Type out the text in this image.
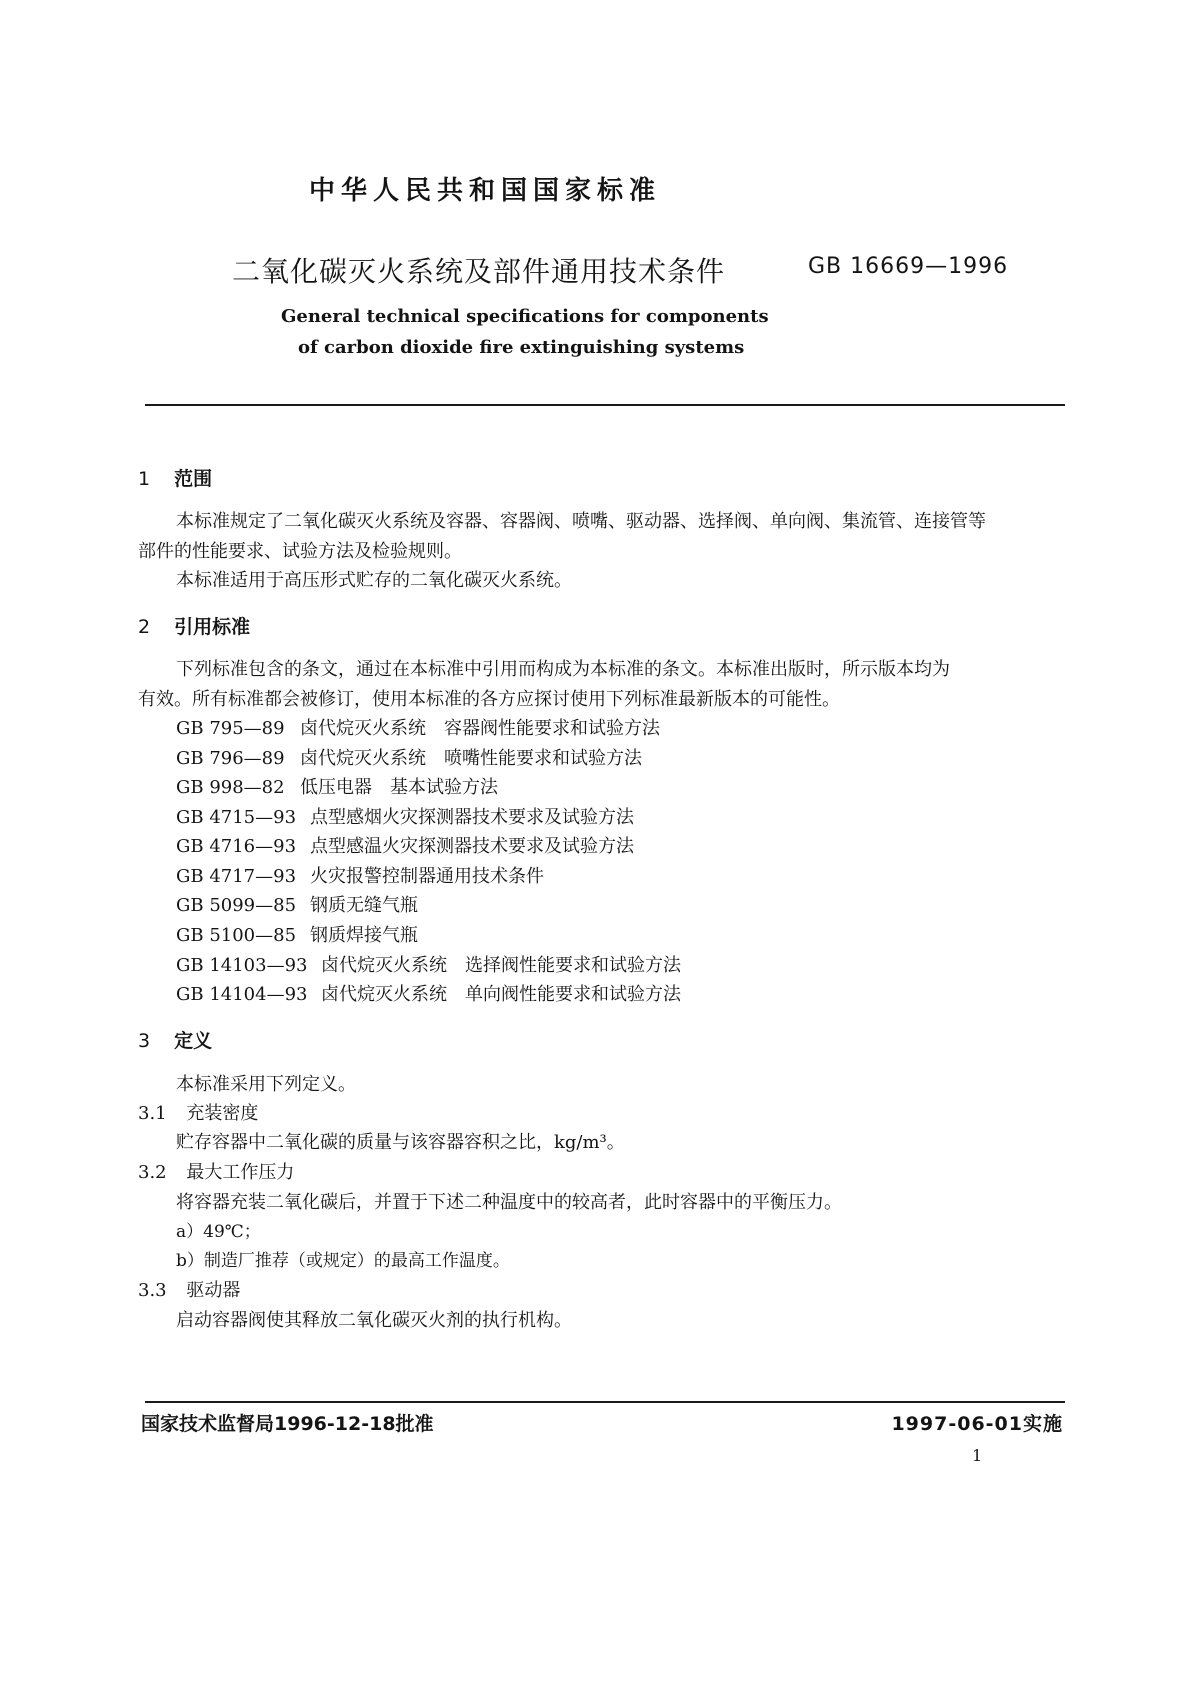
中华人民共和国国家标准
二氧化碳灭火系统及部件通用技术条件	GB 16669—1996
General technical specifications for components
of carbon dioxide fire extinguishing systems
1 范围
本标准规定了二氧化碳灭火系统及容器、容器阀、喷嘴、驱动器、选择阀、单向阀、集流管、连接管等
部件的性能要求、试验方法及检验规则。
本标准适用于高压形式贮存的二氧化碳灭火系统。
2 引用标准
下列标准包含的条文，通过在本标准中引用而构成为本标准的条文。本标准出版时，所示版本均为
有效。所有标准都会被修订，使用本标准的各方应探讨使用下列标准最新版本的可能性。
GB 795—89 卤代烷灭火系统　容器阀性能要求和试验方法
GB 796—89 卤代烷灭火系统　喷嘴性能要求和试验方法
GB 998—82 低压电器　基本试验方法
GB 4715—93 点型感烟火灾探测器技术要求及试验方法
GB 4716—93 点型感温火灾探测器技术要求及试验方法
GB 4717—93 火灾报警控制器通用技术条件
GB 5099—85 钢质无缝气瓶
GB 5100—85 钢质焊接气瓶
GB 14103—93 卤代烷灭火系统　选择阀性能要求和试验方法
GB 14104—93 卤代烷灭火系统　单向阀性能要求和试验方法
3 定义
本标准采用下列定义。
3.1 充装密度
贮存容器中二氧化碳的质量与该容器容积之比，kg/m³。
3.2 最大工作压力
将容器充装二氧化碳后，并置于下述二种温度中的较高者，此时容器中的平衡压力。
a）49℃；
b）制造厂推荐（或规定）的最高工作温度。
3.3 驱动器
启动容器阀使其释放二氧化碳灭火剂的执行机构。
国家技术监督局1996-12-18批准	1997-06-01实施
1
